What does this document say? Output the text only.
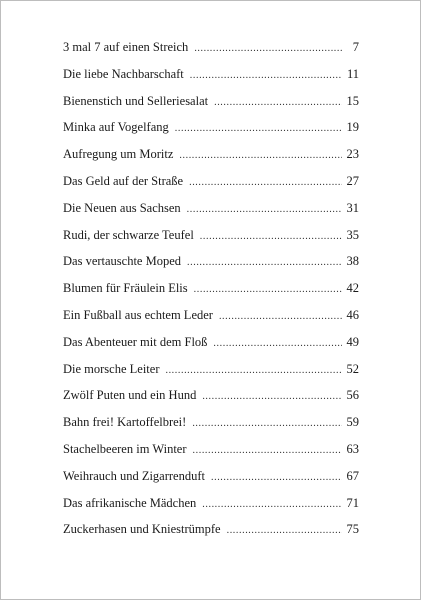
3 mal 7 auf einen Streich .....	7
Die liebe Nachbarschaft .....	11
Bienenstich und Selleriesalat .....	15
Minka auf Vogelfang .....	19
Aufregung um Moritz .....	23
Das Geld auf der Straße .....	27
Die Neuen aus Sachsen .....	31
Rudi, der schwarze Teufel .....	35
Das vertauschte Moped .....	38
Blumen für Fräulein Elis .....	42
Ein Fußball aus echtem Leder .....	46
Das Abenteuer mit dem Floß .....	49
Die morsche Leiter .....	52
Zwölf Puten und ein Hund .....	56
Bahn frei! Kartoffelbrei! .....	59
Stachelbeeren im Winter .....	63
Weihrauch und Zigarrenduft .....	67
Das afrikanische Mädchen .....	71
Zuckerhasen und Kniestrümpfe .....	75
